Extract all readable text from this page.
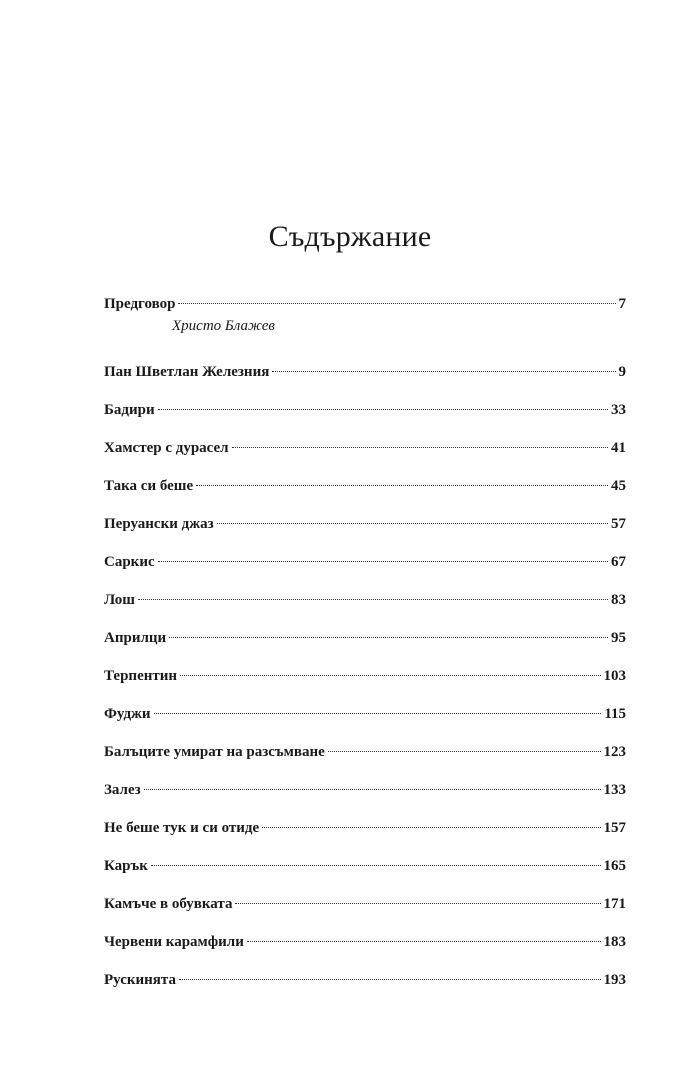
Съдържание
Предговор	7
Христо Блажев
Пан Шветлан Железния	9
Бадири	33
Хамстер с дурасел	41
Така си беше	45
Перуански джаз	57
Саркис	67
Лош	83
Априлци	95
Терпентин	103
Фуджи	115
Балъците умират на разсъмване	123
Залез	133
Не беше тук и си отиде	157
Карък	165
Камъче в обувката	171
Червени карамфили	183
Рускинята	193
